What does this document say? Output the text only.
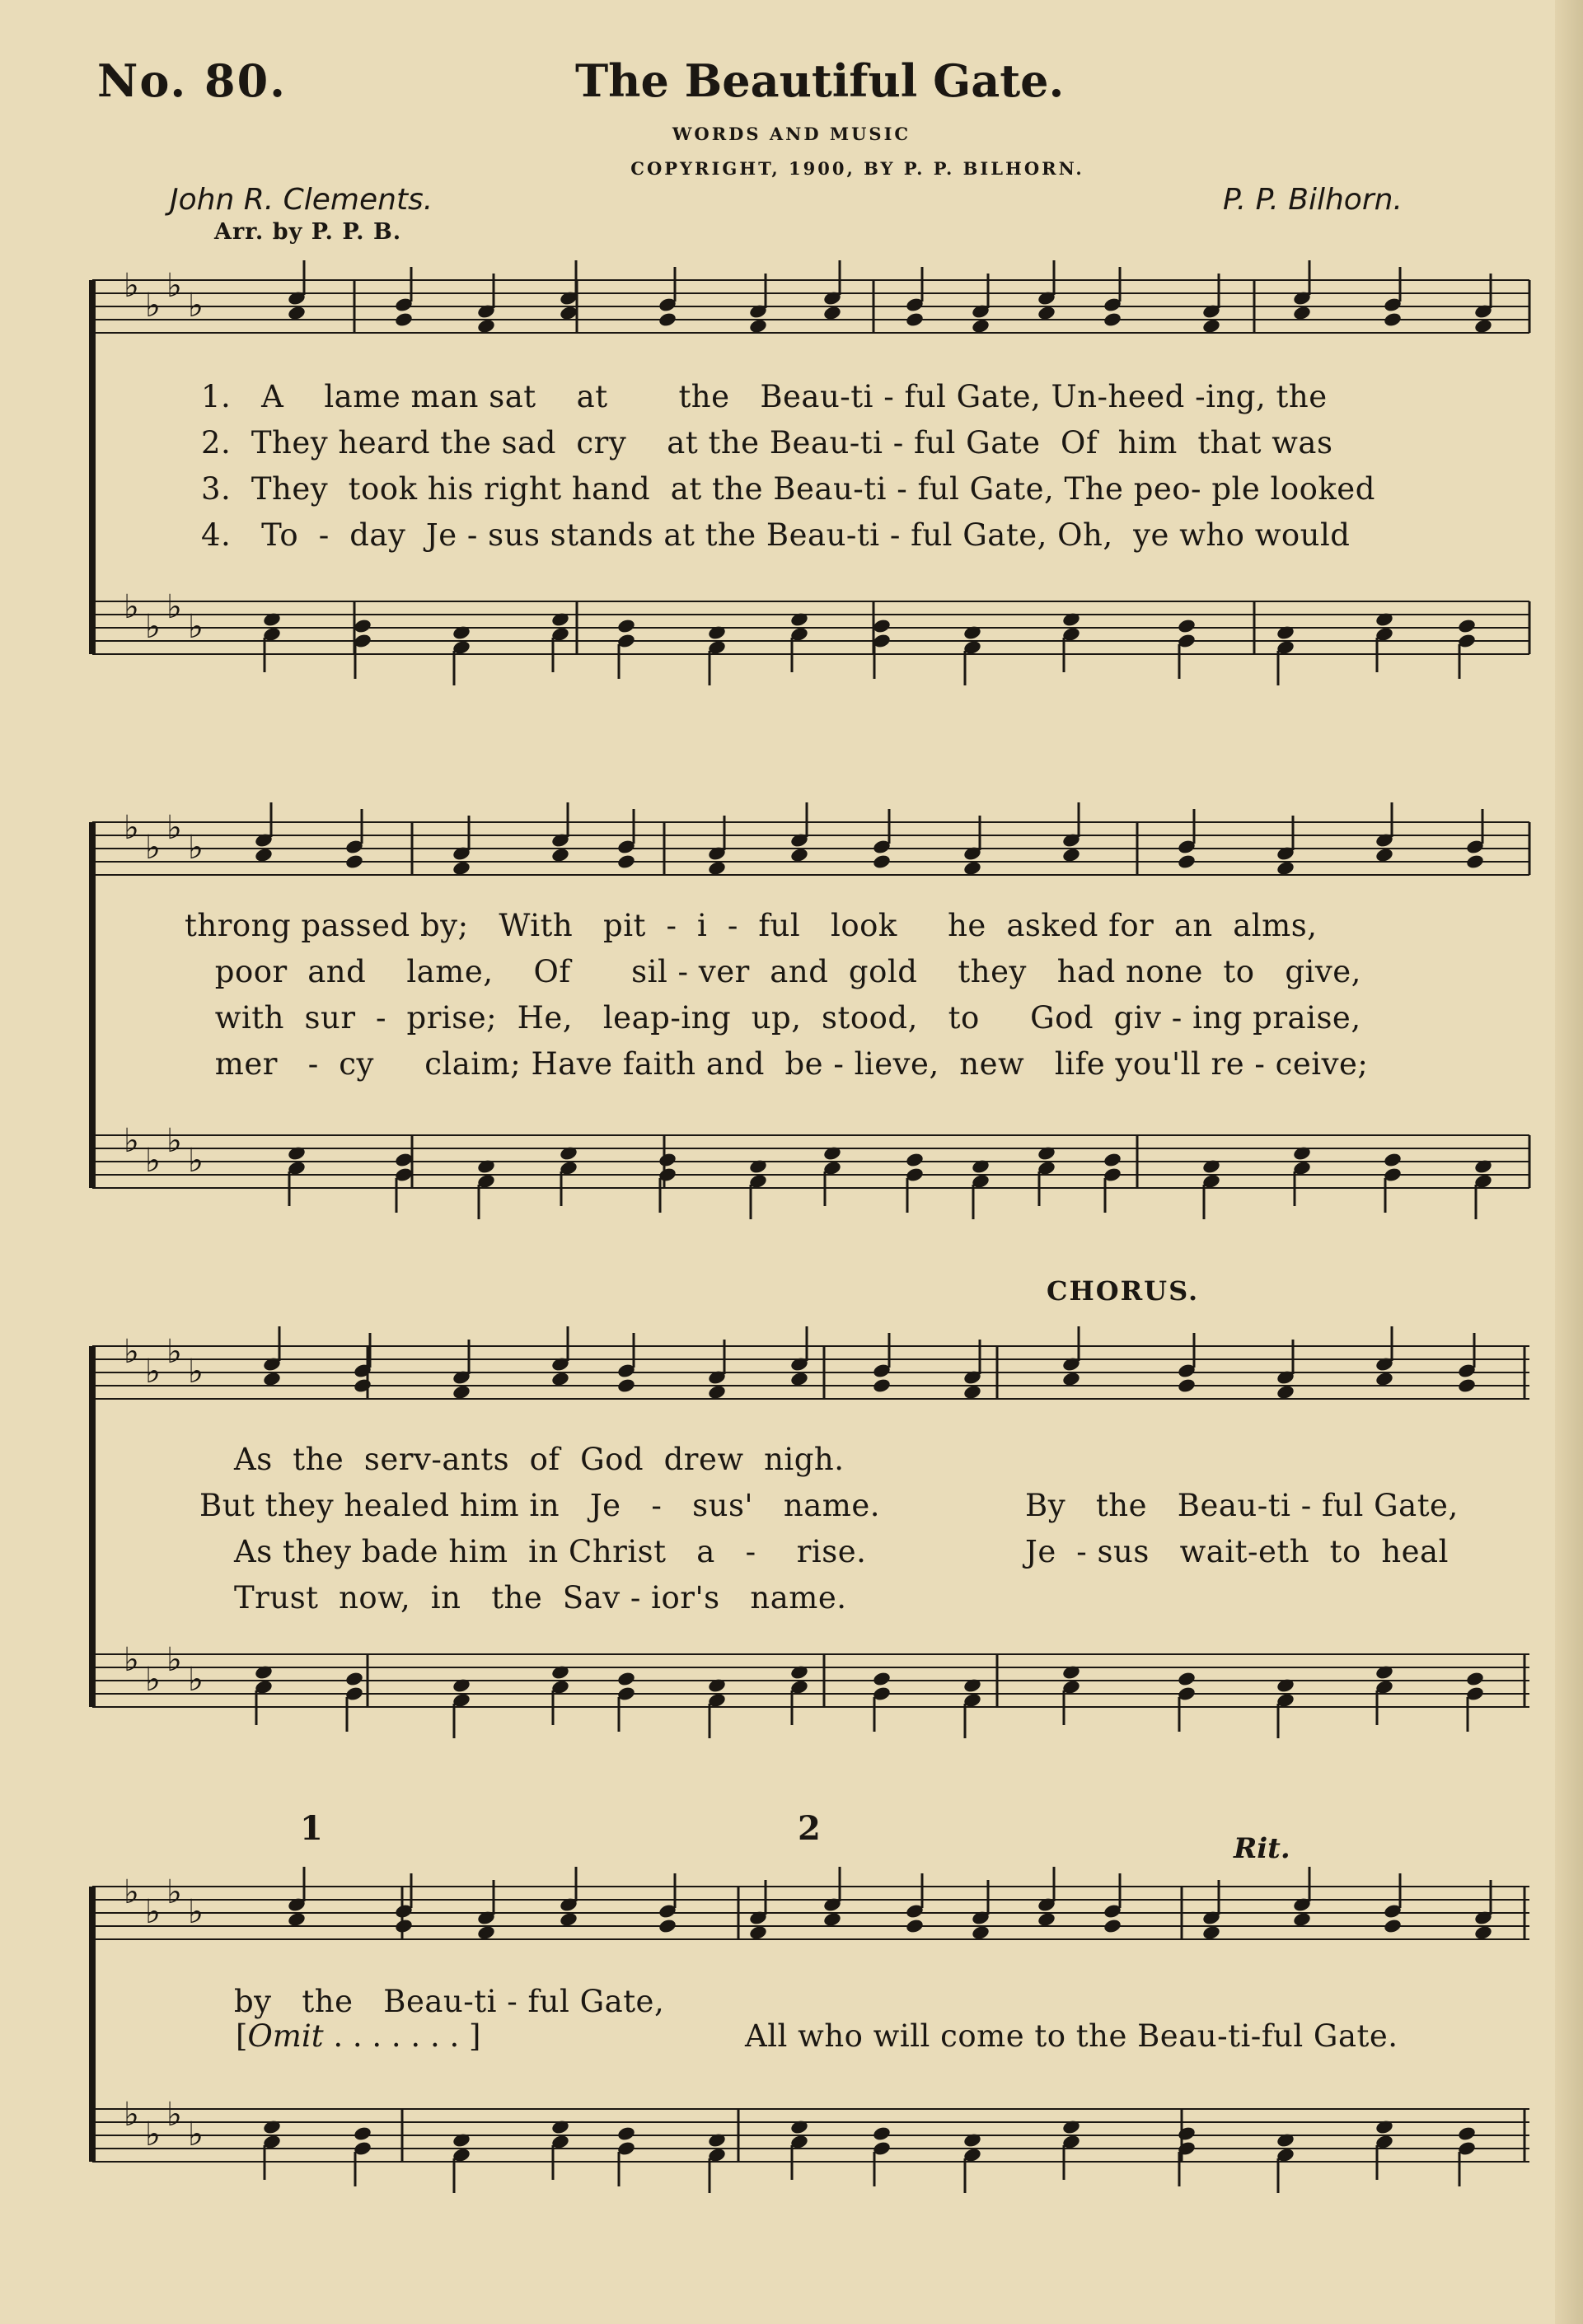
No. 80.	The Beautiful Gate.
WORDS AND MUSIC
COPYRIGHT, 1900, BY P. P. BILHORN.
John R. Clements.
Arr. by P. P. B.
P. P. Bilhorn.
♭
♭
♭
♭
♭
♭
♭
♭
♭
♭
♭
♭
♭
♭
♭
♭
♭
♭
♭
♭
♭
♭
♭
♭
♭
♭
♭
♭
♭
♭
♭
♭
1.   A    lame man sat    at       the   Beau-ti - ful Gate, Un-heed -ing, the
2.  They heard the sad  cry    at the Beau-ti - ful Gate  Of  him  that was
3.  They  took his right hand  at the Beau-ti - ful Gate, The peo- ple looked
4.   To  -  day  Je - sus stands at the Beau-ti - ful Gate, Oh,  ye who would
throng passed by;   With   pit  -  i  -  ful   look     he  asked for  an  alms,
poor  and    lame,    Of      sil - ver  and  gold    they   had none  to   give,
with  sur  -  prise;  He,   leap-ing  up,  stood,   to     God  giv - ing praise,
mer   -  cy     claim; Have faith and  be - lieve,  new   life you'll re - ceive;
CHORUS.
As  the  serv-ants  of  God  drew  nigh.
But they healed him in   Je   -   sus'   name.
As they bade him  in Christ   a   -    rise.
Trust  now,  in   the  Sav - ior's   name.
By   the   Beau-ti - ful Gate,
Je  - sus   wait-eth  to  heal
1	2
Rit.
by   the   Beau-ti - ful Gate,
[Omit . . . . . . . ]	All who will come to the Beau-ti-ful Gate.
